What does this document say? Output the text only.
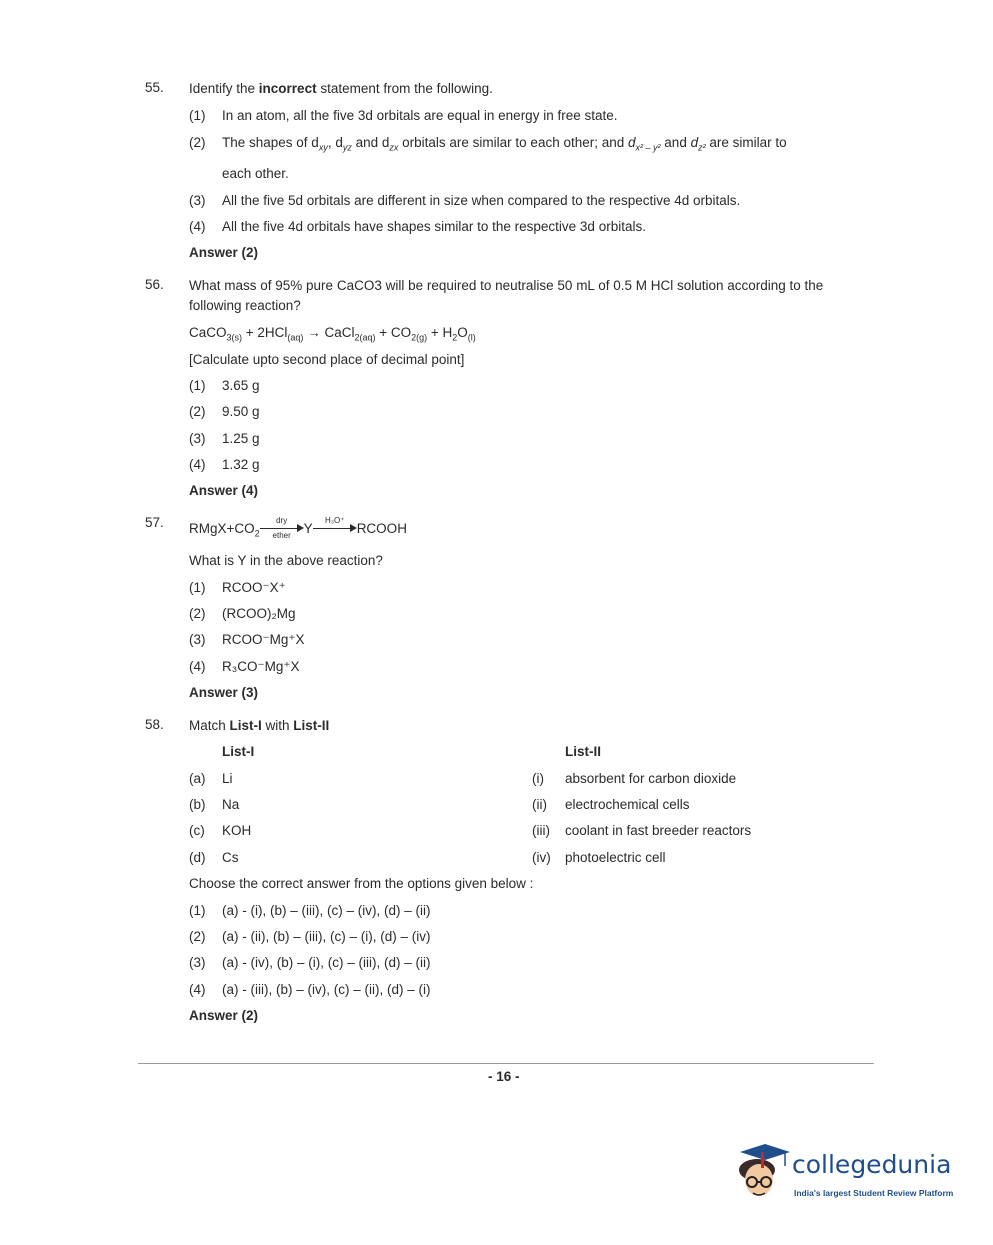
55. Identify the incorrect statement from the following.
(1) In an atom, all the five 3d orbitals are equal in energy in free state.
(2) The shapes of $d_{xy}$, $d_{yz}$ and $d_{zx}$ orbitals are similar to each other; and $d_{x^2 - y^2}$ and $d_{z^2}$ are similar to
each other.
(3) All the five 5d orbitals are different in size when compared to the respective 4d orbitals.
(4) All the five 4d orbitals have shapes similar to the respective 3d orbitals.
Answer (2)
56. What mass of 95% pure CaCO3 will be required to neutralise 50 mL of 0.5 M HCl solution according to the
following reaction?
CaCO$_{3(s)}$ + 2HCl$_{(aq)}$ → CaCl$_{2(aq)}$ + $CO_{2(g)} + H_2O_{(l)}$
[Calculate upto second place of decimal point]
(1) 3.65 g
(2) 9.50 g
(3) 1.25 g
(4) 1.32 g
Answer (4)
57. $RMgX+CO_2$
dry
ether Y
H₃O⁺
RCOOH
What is Y in the above reaction?
(1) RCOO⁻X⁺
(2) (RCOO)₂Mg
(3) RCOO⁻Mg⁺X
(4) R₃CO⁻Mg⁺X
Answer (3)
58. Match List-I with List-II
List-I	List-II
(a) Li	(i) absorbent for carbon dioxide
(b) Na	(ii) electrochemical cells
(c) KOH	(iii) coolant in fast breeder reactors
(d) Cs	(iv) photoelectric cell
Choose the correct answer from the options given below :
(1) (a) - (i), (b) – (iii), (c) – (iv), (d) – (ii)
(2) (a) - (ii), (b) – (iii), (c) – (i), (d) – (iv)
(3) (a) - (iv), (b) – (i), (c) – (iii), (d) – (ii)
(4) (a) - (iii), (b) – (iv), (c) – (ii), (d) – (i)
Answer (2)
- 16 -
collegedunia
India's largest Student Review Platform
